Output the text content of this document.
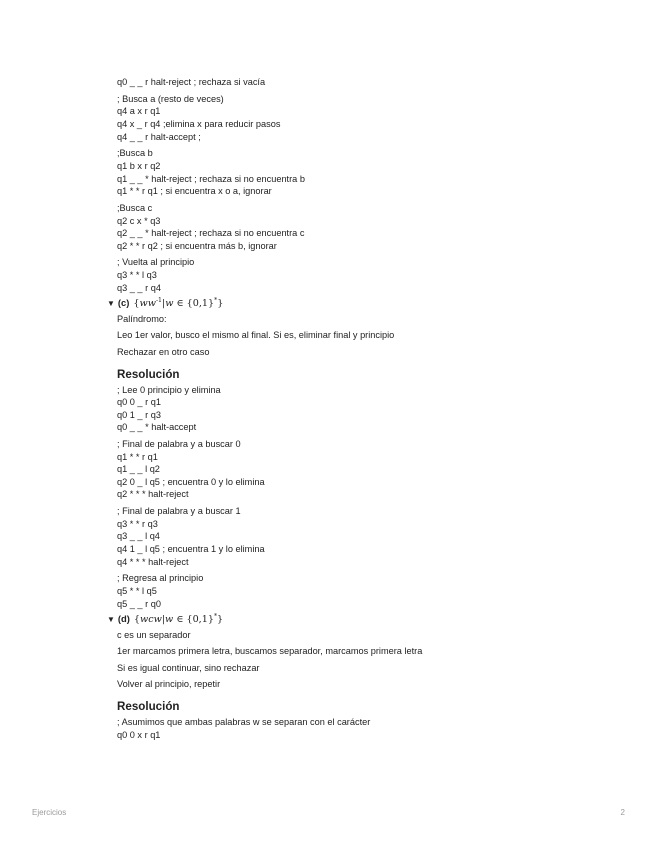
q0 _ _ r halt-reject ; rechaza si vacía
; Busca a (resto de veces)
q4 a x r q1
q4 x _ r q4 ;elimina x para reducir pasos
q4 _ _ r halt-accept ;
;Busca b
q1 b x r q2
q1 _ _ * halt-reject ; rechaza si no encuentra b
q1 * * r q1 ; si encuentra x o a, ignorar
;Busca c
q2 c x * q3
q2 _ _ * halt-reject ; rechaza si no encuentra c
q2 * * r q2 ; si encuentra más b, ignorar
; Vuelta al principio
q3 * * l q3
q3 _ _ r q4
▼ (c) {$ww^{-1}|w$ ∈ {0,1}*}
Palíndromo:
Leo 1er valor, busco el mismo al final. Si es, eliminar final y principio
Rechazar en otro caso
Resolución
; Lee 0 principio y elimina
q0 0 _ r q1
q0 1 _ r q3
q0 _ _ * halt-accept
; Final de palabra y a buscar 0
q1 * * r q1
q1 _ _ l q2
q2 0 _ l q5 ; encuentra 0 y lo elimina
q2 * * * halt-reject
; Final de palabra y a buscar 1
q3 * * r q3
q3 _ _ l q4
q4 1 _ l q5 ; encuentra 1 y lo elimina
q4 * * * halt-reject
; Regresa al principio
q5 * * l q5
q5 _ _ r q0
▼ (d) {wcw|w ∈ {0,1}*}
c es un separador
1er marcamos primera letra, buscamos separador, marcamos primera letra
Si es igual continuar, sino rechazar
Volver al principio, repetir
Resolución
; Asumimos que ambas palabras w se separan con el carácter
q0 0 x r q1
Ejercicios	2
